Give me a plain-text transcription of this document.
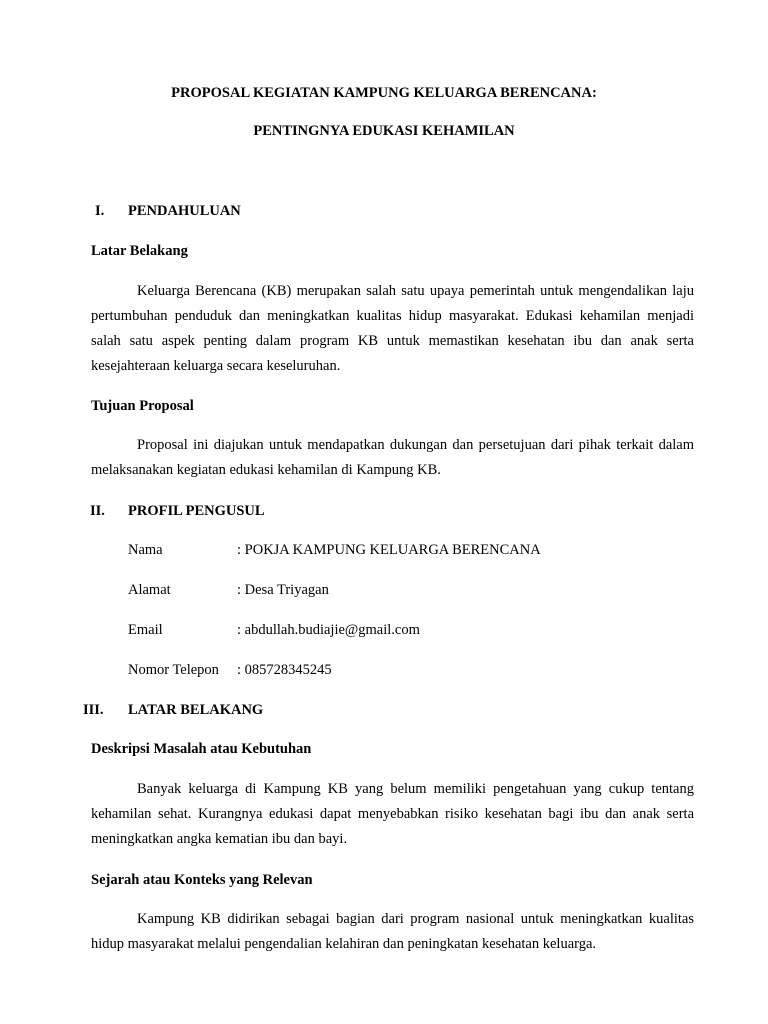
PROPOSAL KEGIATAN KAMPUNG KELUARGA BERENCANA:
PENTINGNYA EDUKASI KEHAMILAN
I. PENDAHULUAN
Latar Belakang

Keluarga Berencana (KB) merupakan salah satu upaya pemerintah untuk mengendalikan laju pertumbuhan penduduk dan meningkatkan kualitas hidup masyarakat. Edukasi kehamilan menjadi salah satu aspek penting dalam program KB untuk memastikan kesehatan ibu dan anak serta kesejahteraan keluarga secara keseluruhan.

Tujuan Proposal

Proposal ini diajukan untuk mendapatkan dukungan dan persetujuan dari pihak terkait dalam melaksanakan kegiatan edukasi kehamilan di Kampung KB.

II. PROFIL PENGUSUL
Nama	: POKJA KAMPUNG KELUARGA BERENCANA
Alamat	: Desa Triyagan
Email	: abdullah.budiajie@gmail.com
Nomor Telepon : 085728345245
III. LATAR BELAKANG
Deskripsi Masalah atau Kebutuhan

Banyak keluarga di Kampung KB yang belum memiliki pengetahuan yang cukup tentang kehamilan sehat. Kurangnya edukasi dapat menyebabkan risiko kesehatan bagi ibu dan anak serta meningkatkan angka kematian ibu dan bayi.

Sejarah atau Konteks yang Relevan

Kampung KB didirikan sebagai bagian dari program nasional untuk meningkatkan kualitas hidup masyarakat melalui pengendalian kelahiran dan peningkatan kesehatan keluarga.
